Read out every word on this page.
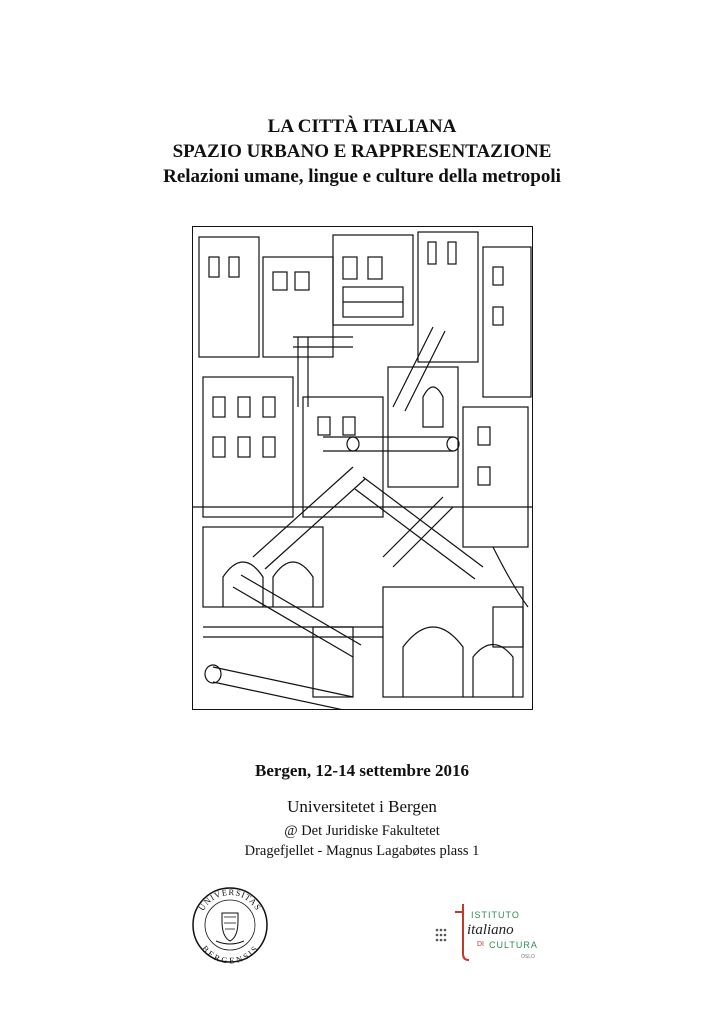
LA CITTÀ ITALIANA
SPAZIO URBANO E RAPPRESENTAZIONE
Relazioni umane, lingue e culture della metropoli
Bergen, 12-14 settembre 2016
Universitetet i Bergen
@ Det Juridiske Fakultetet
Dragefjellet - Magnus Lagabøtes plass 1
UNIVERSITAS
BERGENSIS
ISTITUTO
italiano
DI CULTURA
OSLO
